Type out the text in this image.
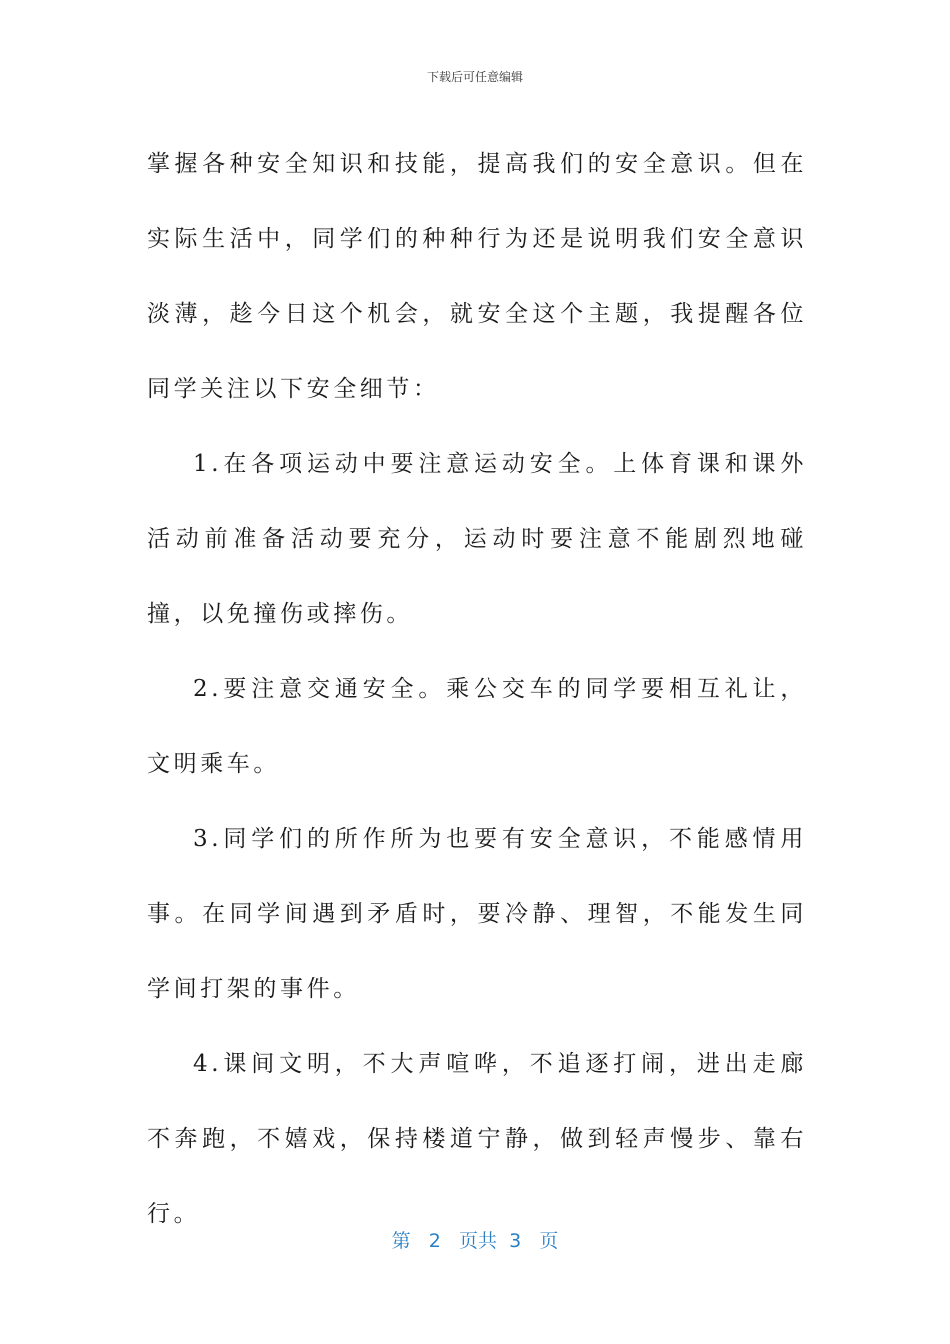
下载后可任意编辑

掌握各种安全知识和技能，提高我们的安全意识。但在实际生活中，同学们的种种行为还是说明我们安全意识淡薄，趁今日这个机会，就安全这个主题，我提醒各位同学关注以下安全细节：

1.在各项运动中要注意运动安全。上体育课和课外活动前准备活动要充分，运动时要注意不能剧烈地碰撞，以免撞伤或摔伤。

2.要注意交通安全。乘公交车的同学要相互礼让，文明乘车。

3.同学们的所作所为也要有安全意识，不能感情用事。在同学间遇到矛盾时，要冷静、理智，不能发生同学间打架的事件。

4.课间文明，不大声喧哗，不追逐打闹，进出走廊不奔跑，不嬉戏，保持楼道宁静，做到轻声慢步、靠右行。

第 2 页共 3 页
